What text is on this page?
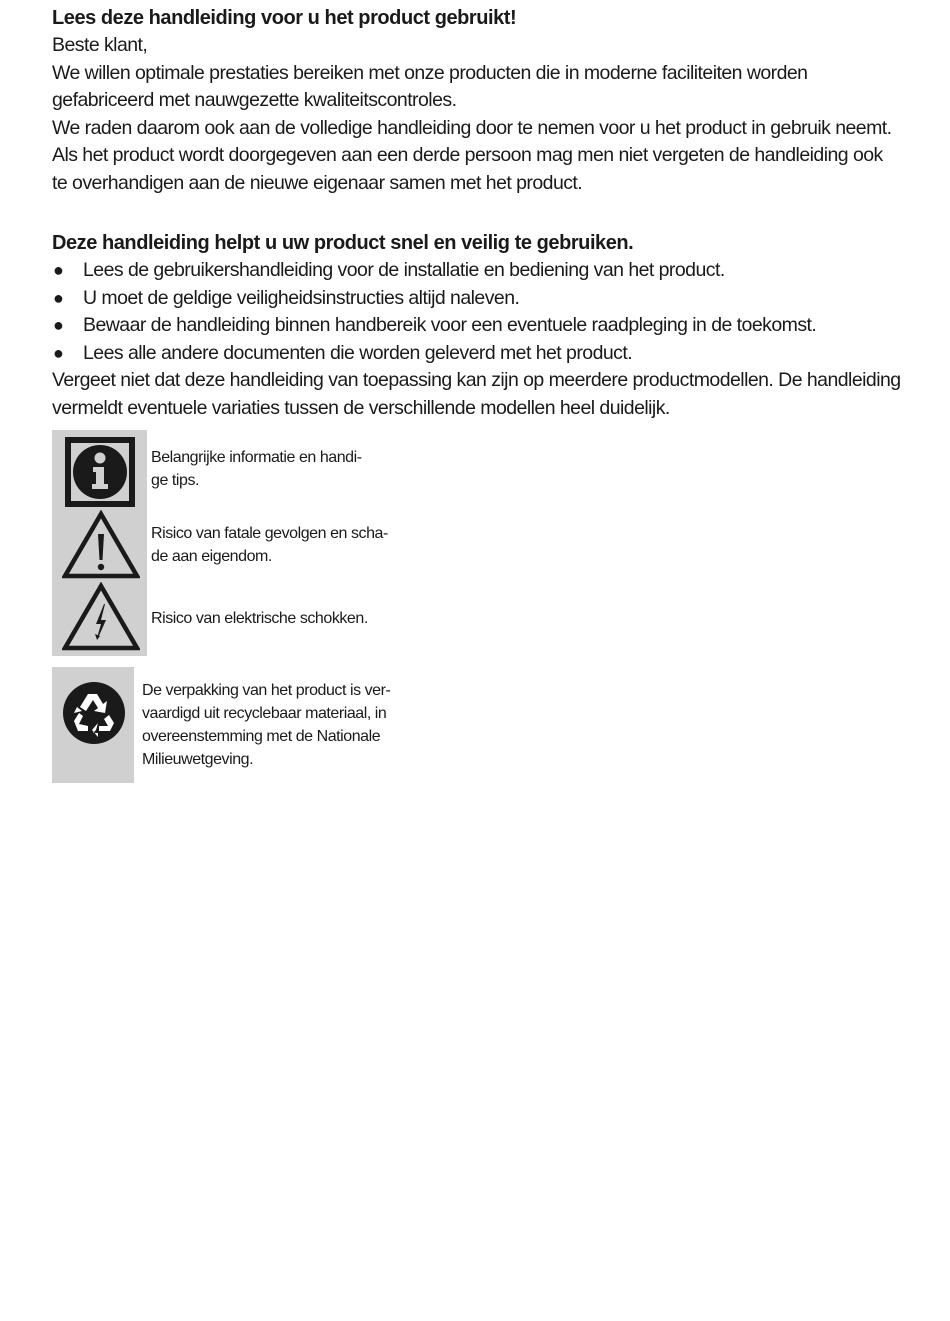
Lees deze handleiding voor u het product gebruikt!

Beste klant,

We willen optimale prestaties bereiken met onze producten die in moderne faciliteiten worden

gefabriceerd met nauwgezette kwaliteitscontroles.

We raden daarom ook aan de volledige handleiding door te nemen voor u het product in gebruik neemt.

Als het product wordt doorgegeven aan een derde persoon mag men niet vergeten de handleiding ook

te overhandigen aan de nieuwe eigenaar samen met het product.

Deze handleiding helpt u uw product snel en veilig te gebruiken.

● Lees de gebruikershandleiding voor de installatie en bediening van het product.
● U moet de geldige veiligheidsinstructies altijd naleven.
● Bewaar de handleiding binnen handbereik voor een eventuele raadpleging in de toekomst.
● Lees alle andere documenten die worden geleverd met het product.

Vergeet niet dat deze handleiding van toepassing kan zijn op meerdere productmodellen. De handleiding

vermeldt eventuele variaties tussen de verschillende modellen heel duidelijk.

Belangrijke informatie en handi-
ge tips.
Risico van fatale gevolgen en scha-
de aan eigendom.
Risico van elektrische schokken.
De verpakking van het product is ver-
vaardigd uit recyclebaar materiaal, in
overeenstemming met de Nationale
Milieuwetgeving.
